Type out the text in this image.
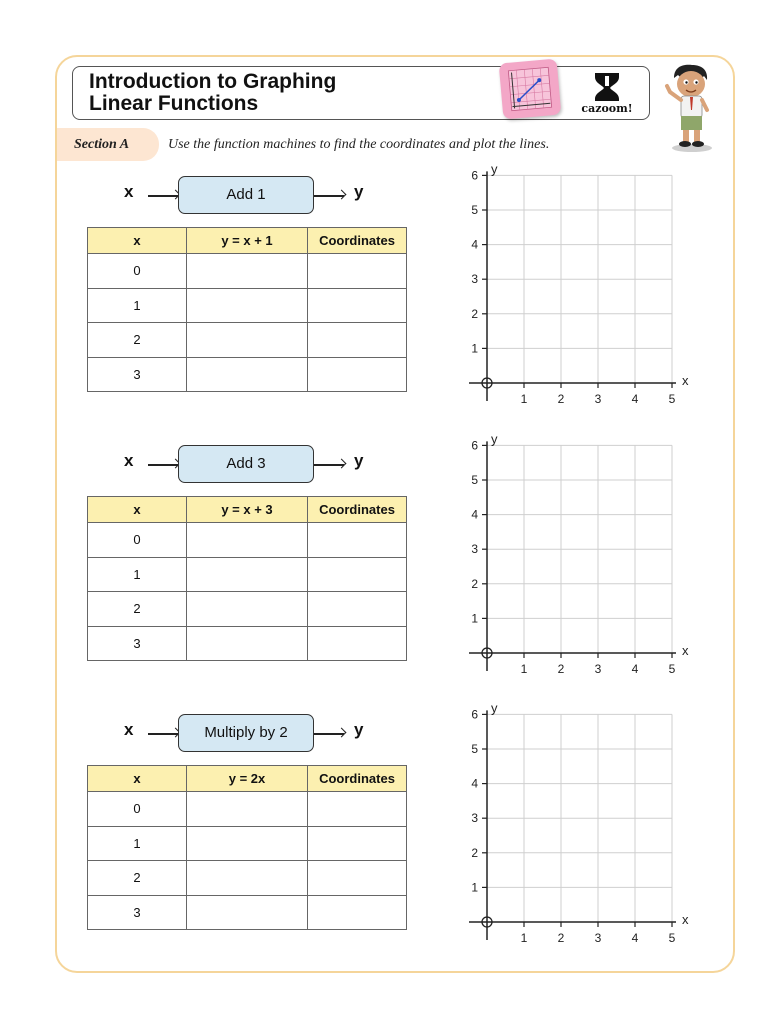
Introduction to Graphing
Linear Functions	cazoom!
Section A	Use the function machines to find the coordinates and plot the lines.
x	Add 1	y
x	y = x + 1	Coordinates
0		
1		
2		
3		
1	2	3	4	5
1
2
3
4
5
6
x
y
x	Add 3	y
x	y = x + 3	Coordinates
0		
1		
2		
3		
1	2	3	4	5
1
2
3
4
5
6
x
y
x	Multiply by 2	y
x	y = 2x	Coordinates
0		
1		
2		
3		
1	2	3	4	5
1
2
3
4
5
6
x
y
